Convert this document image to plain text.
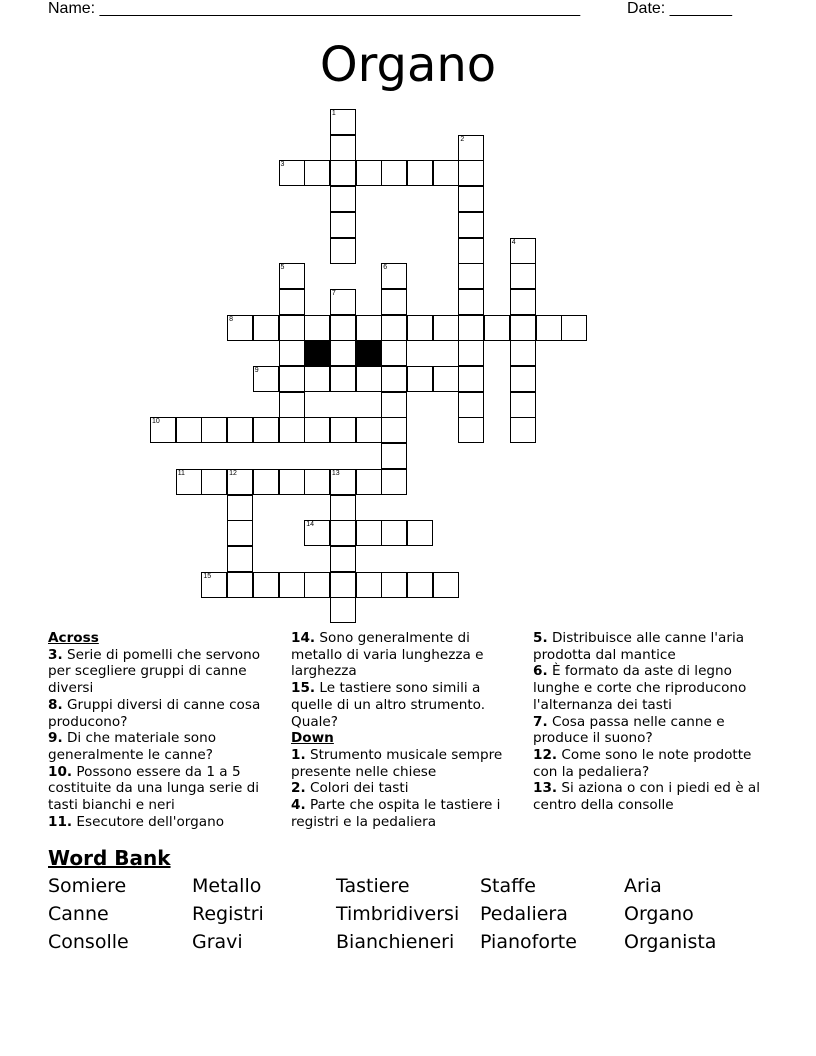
Name: ______________________________________________________	Date: _______
Organo
1
2
3
4
5	6
7
8
9
10
11	12	13
14
15
Across
3. Serie di pomelli che servono per scegliere gruppi di canne diversi
8. Gruppi diversi di canne cosa producono?
9. Di che materiale sono generalmente le canne?
10. Possono essere da 1 a 5 costituite da una lunga serie di tasti bianchi e neri
11. Esecutore dell'organo
14. Sono generalmente di metallo di varia lunghezza e larghezza
15. Le tastiere sono simili a quelle di un altro strumento. Quale?
Down
1. Strumento musicale sempre presente nelle chiese
2. Colori dei tasti
4. Parte che ospita le tastiere i registri e la pedaliera
5. Distribuisce alle canne l'aria prodotta dal mantice
6. È formato da aste di legno lunghe e corte che riproducono l'alternanza dei tasti
7. Cosa passa nelle canne e produce il suono?
12. Come sono le note prodotte con la pedaliera?
13. Si aziona o con i piedi ed è al centro della consolle
Word Bank
Somiere	Metallo	Tastiere	Staffe	Aria
Canne	Registri	Timbridiversi Pedaliera	Organo
Consolle	Gravi	Bianchieneri Pianoforte Organista
